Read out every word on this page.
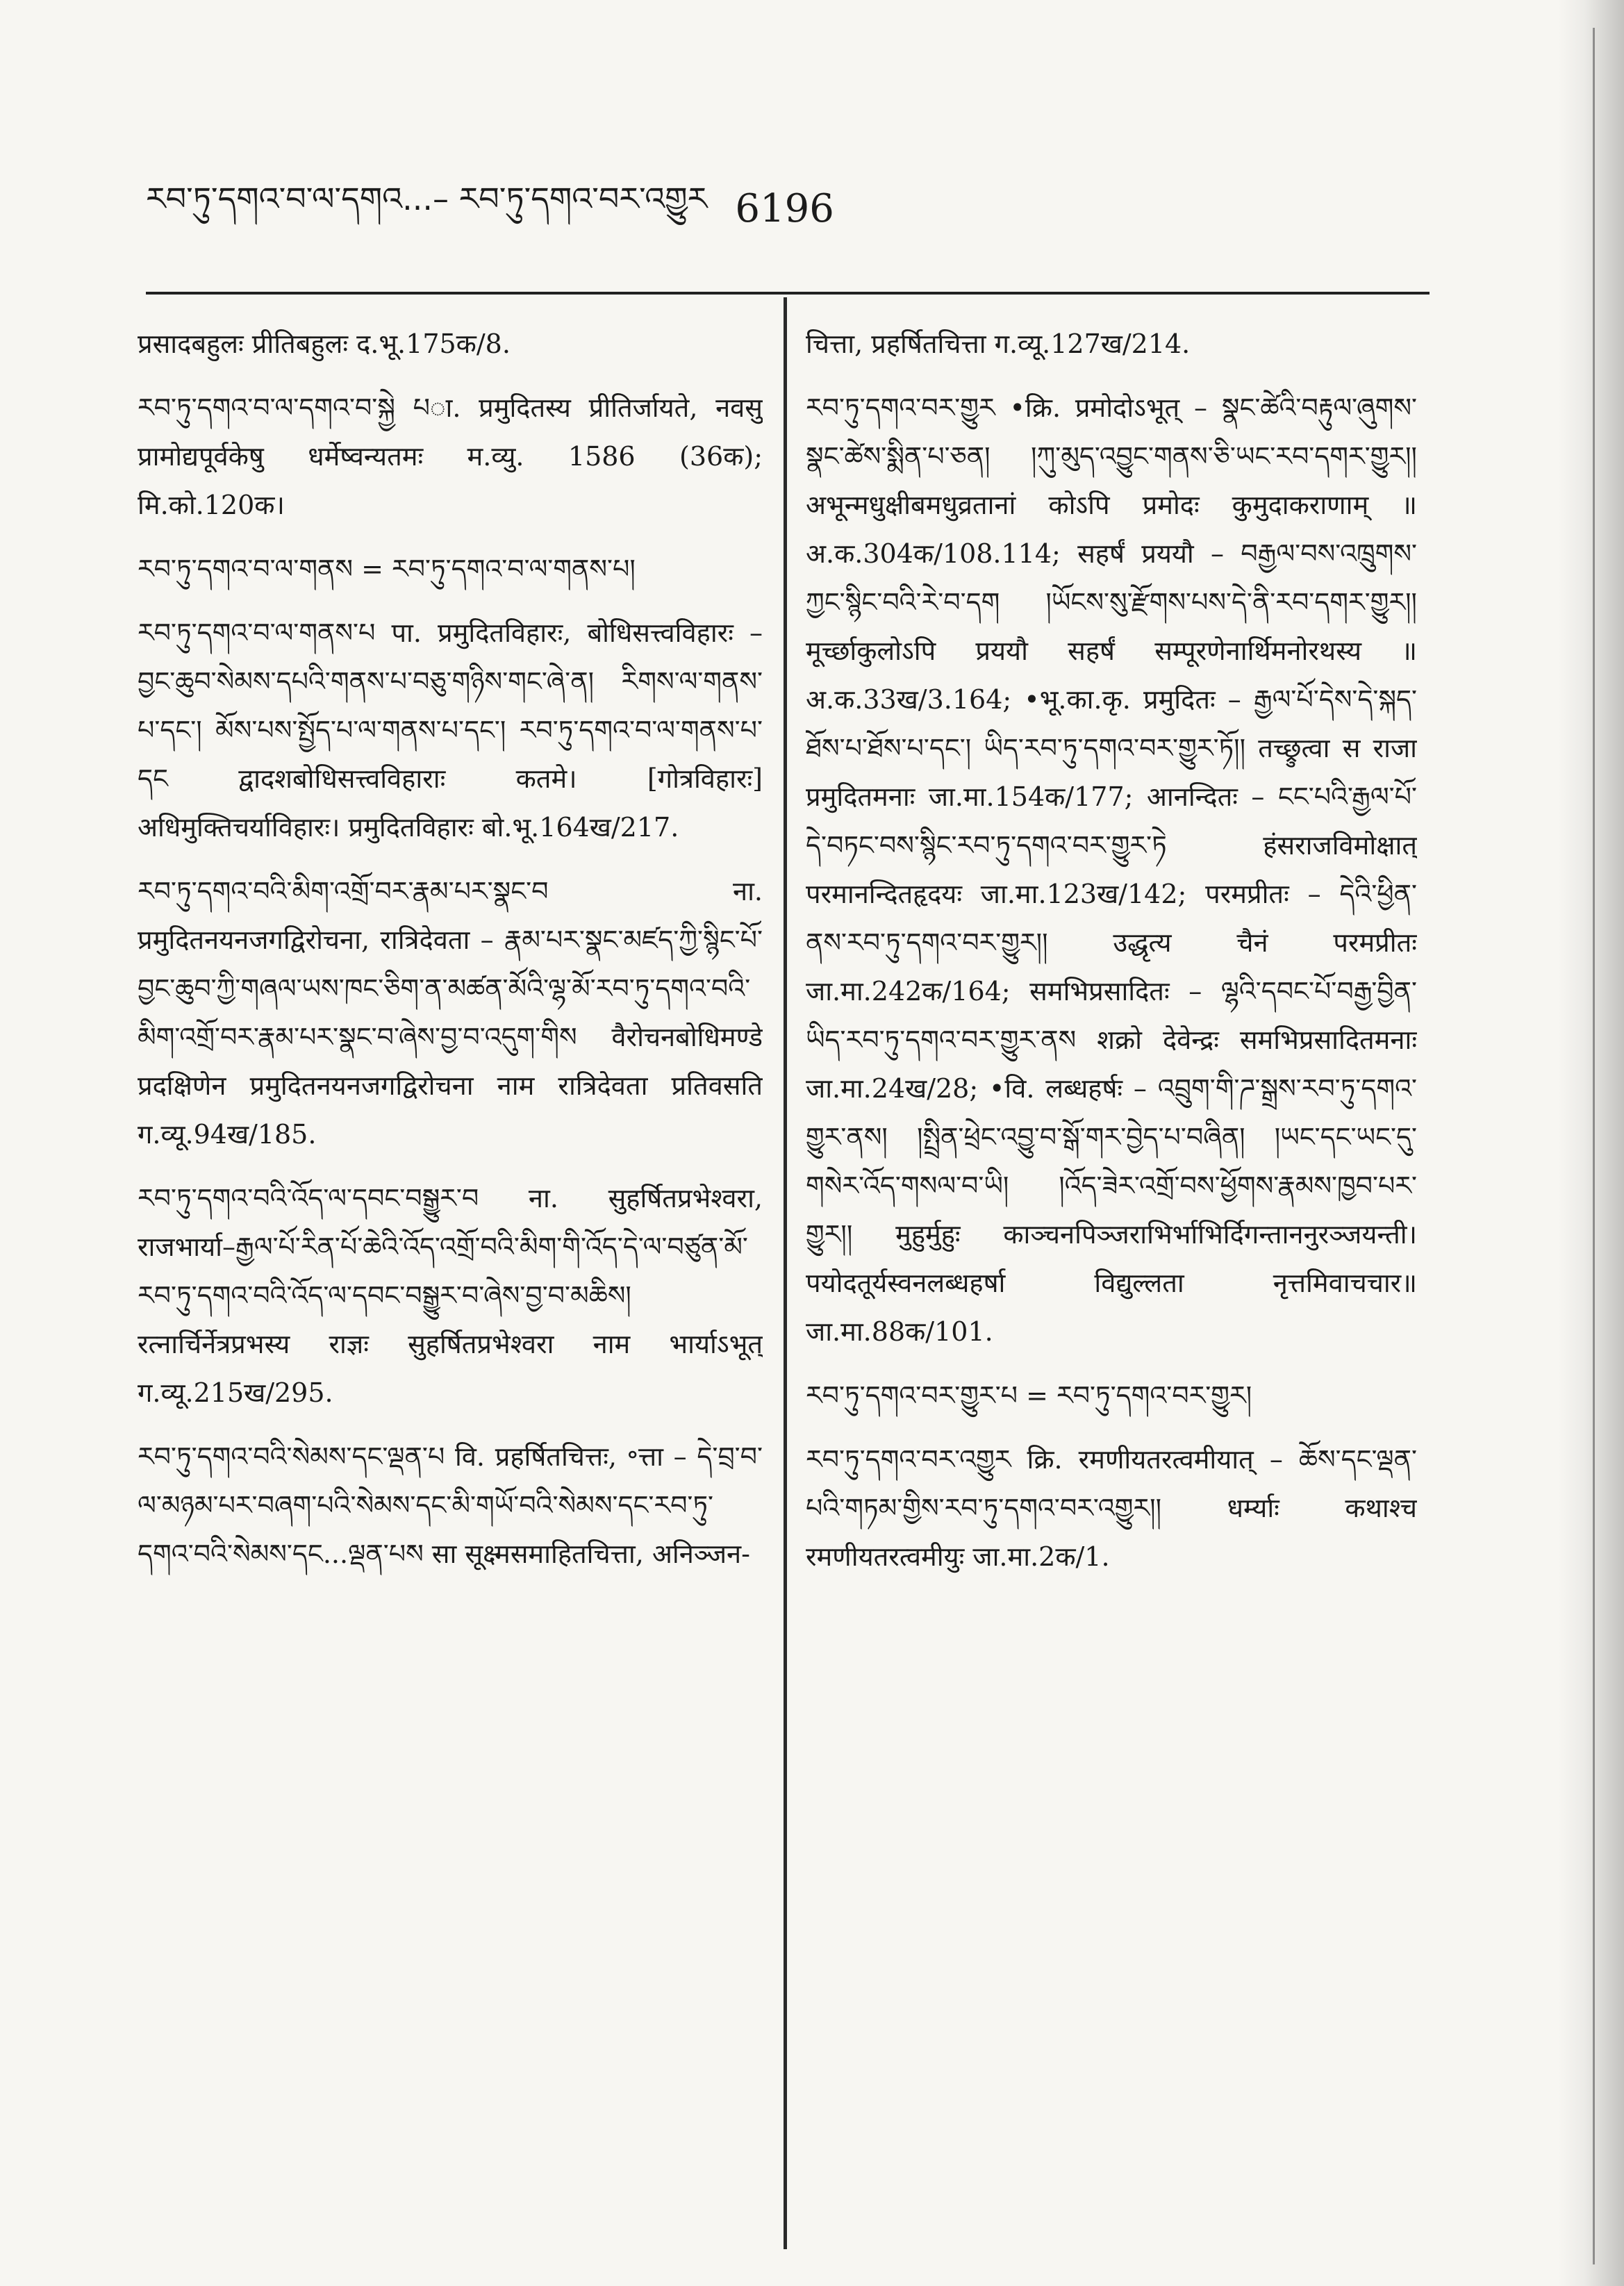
རབ་ཏུ་དགའ་བ་ལ་དགའ...– རབ་ཏུ་དགའ་བར་འགྱུར 6196
प्रसादबहुलः प्रीतिबहुलः द.भू.175क/8.
རབ་ཏུ་དགའ་བ་ལ་དགའ་བ་སྐྱེ པा. प्रमुदितस्य प्रीतिर्जायते, नवसु प्रामोद्यपूर्वकेषु धर्मेष्वन्यतमः म.व्यु. 1586 (36क); मि.को.120क।
རབ་ཏུ་དགའ་བ་ལ་གནས = རབ་ཏུ་དགའ་བ་ལ་གནས་པ།
རབ་ཏུ་དགའ་བ་ལ་གནས་པ पा. प्रमुदितविहारः, बोधिसत्त्वविहारः – བྱང་ཆུབ་སེམས་དཔའི་གནས་པ་བཅུ་གཉིས་གང་ཞེ་ན། རིགས་ལ་གནས་པ་དང་། མོས་པས་སྤྱོད་པ་ལ་གནས་པ་དང་། རབ་ཏུ་དགའ་བ་ལ་གནས་པ་དང द्वादशबोधिसत्त्वविहाराः कतमे। [गोत्रविहारः] अधिमुक्तिचर्याविहारः। प्रमुदितविहारः बो.भू.164ख/217.
རབ་ཏུ་དགའ་བའི་མིག་འགྲོ་བར་རྣམ་པར་སྣང་བ ना. प्रमुदितनयनजगद्विरोचना, रात्रिदेवता – རྣམ་པར་སྣང་མཛད་ཀྱི་སྙིང་པོ་བྱང་ཆུབ་ཀྱི་གཞལ་ཡས་ཁང་ཅིག་ན་མཚན་མོའི་ལྷ་མོ་རབ་ཏུ་དགའ་བའི་མིག་འགྲོ་བར་རྣམ་པར་སྣང་བ་ཞེས་བྱ་བ་འདུག་གིས वैरोचनबोधिमण्डे प्रदक्षिणेन प्रमुदितनयनजगद्विरोचना नाम रात्रिदेवता प्रतिवसति ग.व्यू.94ख/185.
རབ་ཏུ་དགའ་བའི་འོད་ལ་དབང་བསྒྱུར་བ ना. सुहर्षितप्रभेश्वरा, राजभार्या–རྒྱལ་པོ་རིན་པོ་ཆེའི་འོད་འགྲོ་བའི་མིག་གི་འོད་དེ་ལ་བཙུན་མོ་རབ་ཏུ་དགའ་བའི་འོད་ལ་དབང་བསྒྱུར་བ་ཞེས་བྱ་བ་མཆིས། रत्नार्चिर्नेत्रप्रभस्य राज्ञः सुहर्षितप्रभेश्वरा नाम भार्याऽभूत् ग.व्यू.215ख/295.
རབ་ཏུ་དགའ་བའི་སེམས་དང་ལྡན་པ वि. प्रहर्षितचित्तः, ॰त्ता – དེ་བྲ་བ་ལ་མཉམ་པར་བཞག་པའི་སེམས་དང་མི་གཡོ་བའི་སེམས་དང་རབ་ཏུ་དགའ་བའི་སེམས་དང...ལྡན་པས सा सूक्ष्मसमाहितचित्ता, अनिञ्जन-
चित्ता, प्रहर्षितचित्ता ग.व्यू.127ख/214.
རབ་ཏུ་དགའ་བར་གྱུར •क्रि. प्रमोदोऽभूत् – སྣང་ཚེའི་བརྟུལ་ཞུགས་སྣང་ཚེས་སྨིན་པ་ཅན། །ཀུ་མུད་འབྱུང་གནས་ཅི་ཡང་རབ་དགར་གྱུར།། अभून्मधुक्षीबमधुव्रतानां कोऽपि प्रमोदः कुमुदाकराणाम् ॥ अ.क.304क/108.114; सहर्षं प्रययौ – བརྒྱལ་བས་འཁྲུགས་ཀྱང་སྙིང་བའི་རེ་བ་དག །ཡོངས་སུ་རྫོགས་པས་དེ་ནི་རབ་དགར་གྱུར།། मूर्च्छाकुलोऽपि प्रययौ सहर्षं सम्पूरणेनार्थिमनोरथस्य ॥ अ.क.33ख/3.164; •भू.का.कृ. प्रमुदितः – རྒྱལ་པོ་དེས་དེ་སྐད་ཐོས་པ་ཐོས་པ་དང་། ཡིད་རབ་ཏུ་དགའ་བར་གྱུར་ཏོ།། तच्छ्रुत्वा स राजा प्रमुदितमनाः जा.मा.154क/177; आनन्दितः – ངང་པའི་རྒྱལ་པོ་དེ་བཏང་བས་སྙིང་རབ་ཏུ་དགའ་བར་གྱུར་ཏེ हंसराजविमोक्षात् परमानन्दितहृदयः जा.मा.123ख/142; परमप्रीतः – དེའི་ཕྱིན་ནས་རབ་ཏུ་དགའ་བར་གྱུར།། उद्धृत्य चैनं परमप्रीतः जा.मा.242क/164; समभिप्रसादितः – ལྷའི་དབང་པོ་བརྒྱ་བྱིན་ཡིད་རབ་ཏུ་དགའ་བར་གྱུར་ནས शक्रो देवेन्द्रः समभिप्रसादितमनाः जा.मा.24ख/28; •वि. लब्धहर्षः – འབྲུག་གི་ཌ་སྒྲས་རབ་ཏུ་དགའ་གྱུར་ནས། །སྤྲིན་ཕྲེང་འབྱུ་བ་སྒོ་གར་བྱེད་པ་བཞིན། །ཡང་དང་ཡང་དུ་གསེར་འོད་གསལ་བ་ཡི། །འོད་ཟེར་འགྲོ་བས་ཕྱོགས་རྣམས་ཁྱབ་པར་གྱུར།། मुहुर्मुहुः काञ्चनपिञ्जराभिर्भाभिर्दिगन्ताननुरञ्जयन्ती। पयोदतूर्यस्वनलब्धहर्षा विद्युल्लता नृत्तमिवाचचार॥ जा.मा.88क/101.
རབ་ཏུ་དགའ་བར་གྱུར་པ = རབ་ཏུ་དགའ་བར་གྱུར།
རབ་ཏུ་དགའ་བར་འགྱུར क्रि. रमणीयतरत्वमीयात् – ཆོས་དང་ལྡན་པའི་གཏམ་གྱིས་རབ་ཏུ་དགའ་བར་འགྱུར།། धर्म्याः कथाश्च रमणीयतरत्वमीयुः जा.मा.2क/1.
